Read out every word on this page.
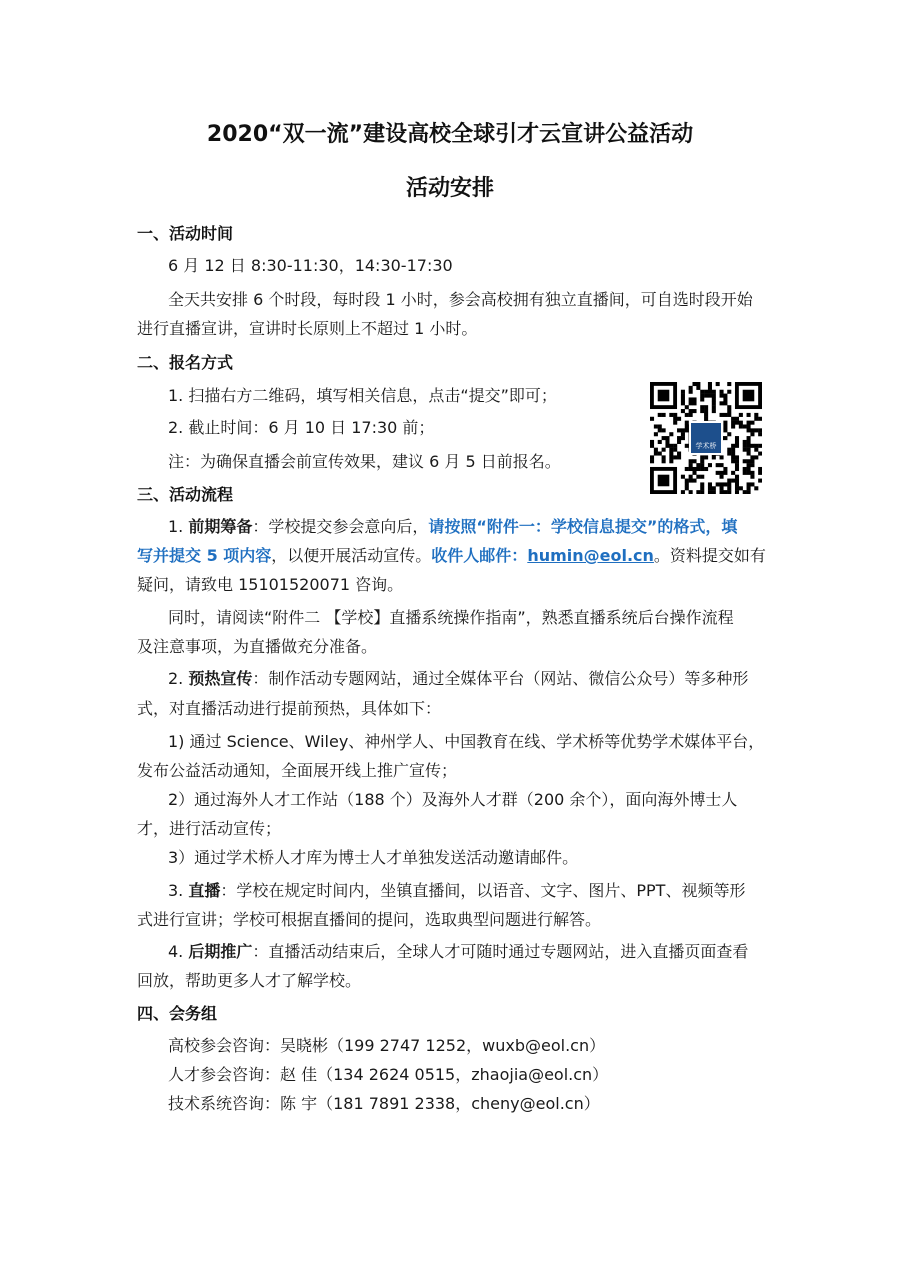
2020“双一流”建设高校全球引才云宣讲公益活动
活动安排
一、活动时间
6 月 12 日 8:30-11:30，14:30-17:30
全天共安排 6 个时段，每时段 1 小时，参会高校拥有独立直播间，可自选时段开始
进行直播宣讲，宣讲时长原则上不超过 1 小时。
二、报名方式
1. 扫描右方二维码，填写相关信息，点击“提交”即可；
2. 截止时间：6 月 10 日 17:30 前；
注：为确保直播会前宣传效果，建议 6 月 5 日前报名。
学术桥
三、活动流程
1. 前期筹备：学校提交参会意向后，请按照“附件一：学校信息提交”的格式，填
写并提交 5 项内容，以便开展活动宣传。收件人邮件：humin@eol.cn。资料提交如有
疑问，请致电 15101520071 咨询。
同时，请阅读“附件二 【学校】直播系统操作指南”，熟悉直播系统后台操作流程
及注意事项，为直播做充分准备。
2. 预热宣传：制作活动专题网站，通过全媒体平台（网站、微信公众号）等多种形
式，对直播活动进行提前预热，具体如下：
1) 通过 Science、Wiley、神州学人、中国教育在线、学术桥等优势学术媒体平台，
发布公益活动通知，全面展开线上推广宣传；
2）通过海外人才工作站（188 个）及海外人才群（200 余个），面向海外博士人
才，进行活动宣传；
3）通过学术桥人才库为博士人才单独发送活动邀请邮件。
3. 直播：学校在规定时间内，坐镇直播间，以语音、文字、图片、PPT、视频等形
式进行宣讲；学校可根据直播间的提问，选取典型问题进行解答。
4. 后期推广：直播活动结束后，全球人才可随时通过专题网站，进入直播页面查看
回放，帮助更多人才了解学校。
四、会务组
高校参会咨询：吴晓彬（199 2747 1252，wuxb@eol.cn）
人才参会咨询：赵 佳（134 2624 0515，zhaojia@eol.cn）
技术系统咨询：陈 宇（181 7891 2338，cheny@eol.cn）
